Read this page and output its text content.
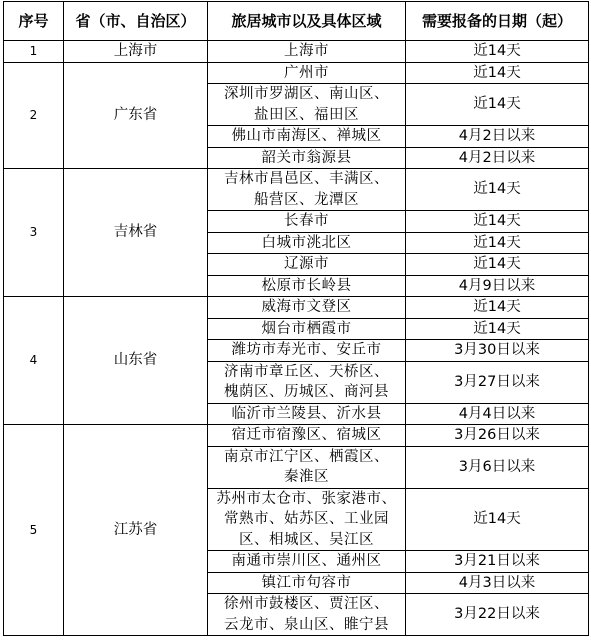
序号	省（市、自治区）	旅居城市以及具体区域	需要报备的日期（起）
1	上海市	上海市	近14天
2	广东省	广州市	近14天
		深圳市罗湖区、南山区、
盐田区、福田区	近14天
		佛山市南海区、禅城区	4月2日以来
		韶关市翁源县	4月2日以来
3	吉林省	吉林市昌邑区、丰满区、
船营区、龙潭区	近14天
		长春市	近14天
		白城市洮北区	近14天
		辽源市	近14天
		松原市长岭县	4月9日以来
4	山东省	威海市文登区	近14天
		烟台市栖霞市	近14天
		潍坊市寿光市、安丘市	3月30日以来
		济南市章丘区、天桥区、
槐荫区、历城区、商河县	3月27日以来
		临沂市兰陵县、沂水县	4月4日以来
5	江苏省	宿迁市宿豫区、宿城区	3月26日以来
		南京市江宁区、栖霞区、
秦淮区	3月6日以来
		苏州市太仓市、张家港市、
常熟市、姑苏区、工业园
区、相城区、吴江区	近14天
		南通市崇川区、通州区	3月21日以来
		镇江市句容市	4月3日以来
		徐州市鼓楼区、贾汪区、
云龙市、泉山区、睢宁县	3月22日以来
